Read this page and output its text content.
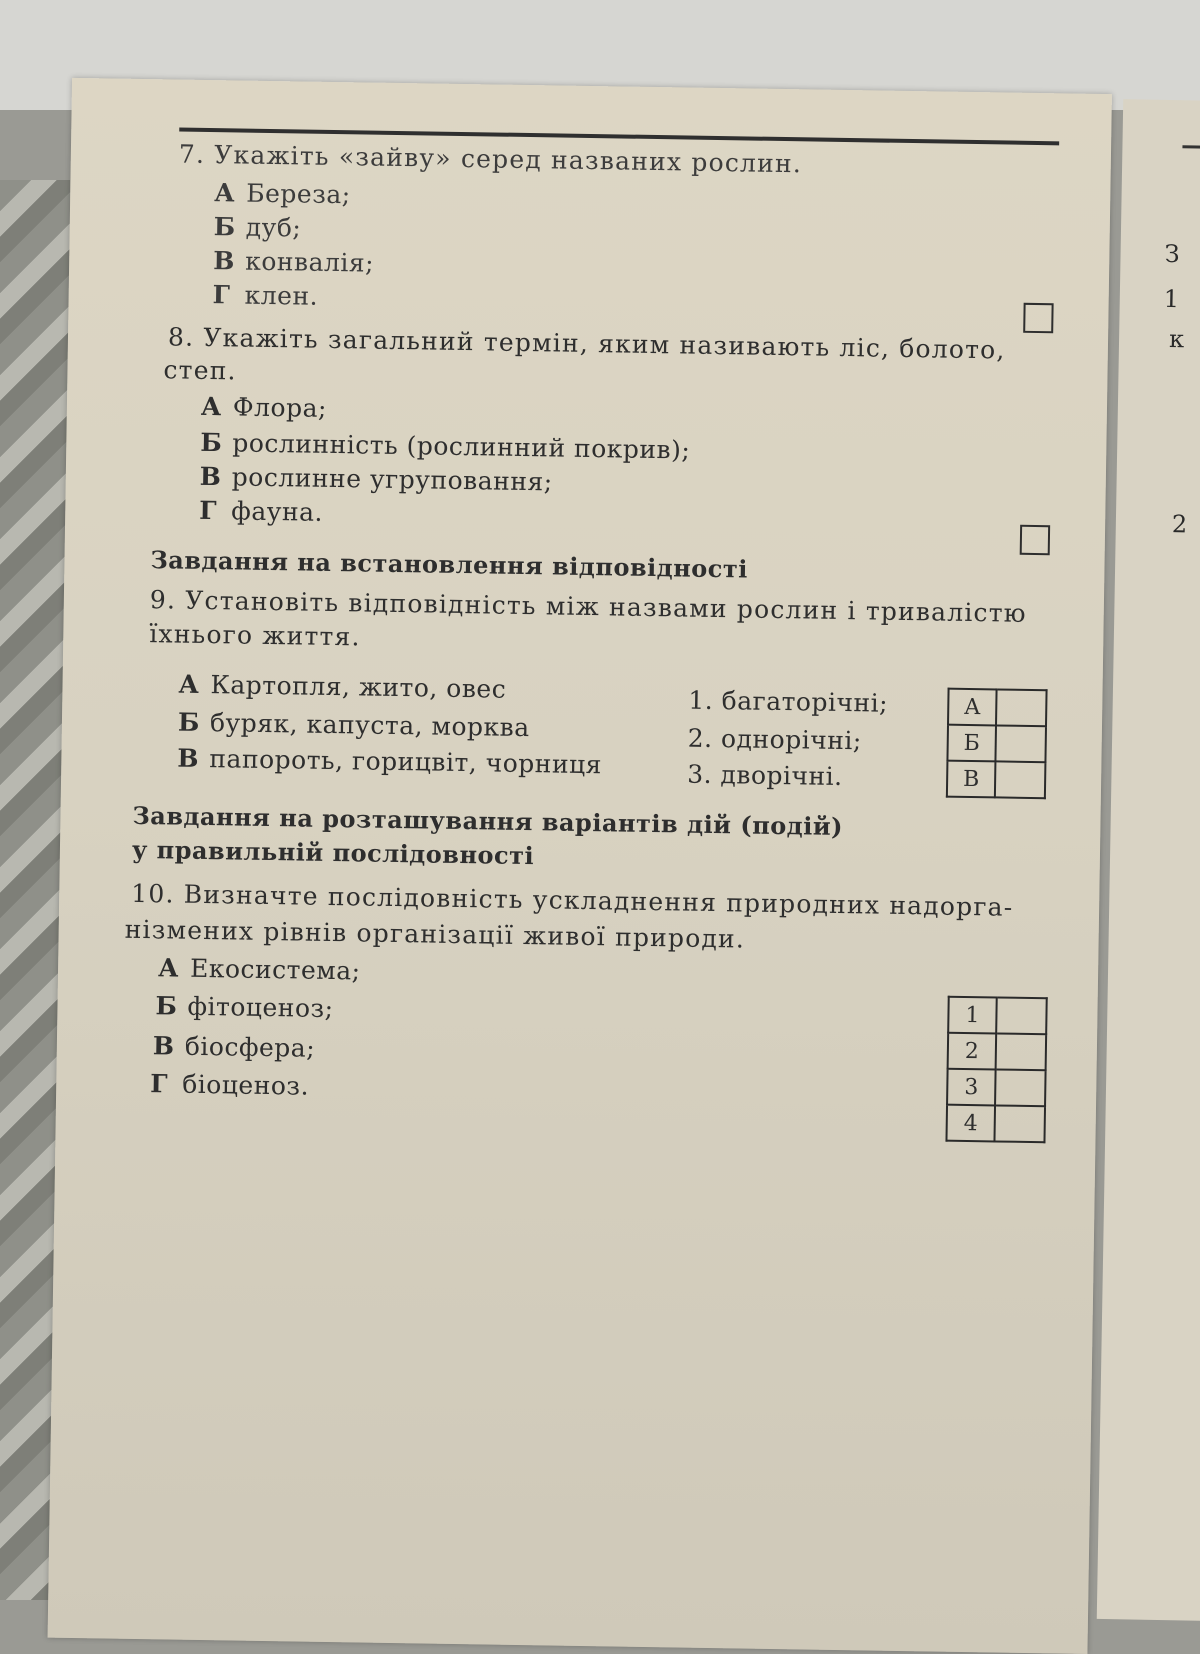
З
1
к
2
7. Укажіть «зайву» серед названих рослин.
А Береза;
Б дуб;
В конвалія;
Г клен.
8. Укажіть загальний термін, яким називають ліс, болото,
степ.
А Флора;
Б рослинність (рослинний покрив);
В рослинне угруповання;
Г фауна.
Завдання на встановлення відповідності
9. Установіть відповідність між назвами рослин і тривалістю
їхнього життя.
А Картопля, жито, овес
Б буряк, капуста, морква
В папороть, горицвіт, чорниця
1. багаторічні;
2. однорічні;
3. дворічні.
А	
Б	
В	
Завдання на розташування варіантів дій (подій)
у правильній послідовності
10. Визначте послідовність ускладнення природних надорга-
нізмених рівнів організації живої природи.
А Екосистема;
Б фітоценоз;
В біосфера;
Г біоценоз.
1	
2	
3	
4	
